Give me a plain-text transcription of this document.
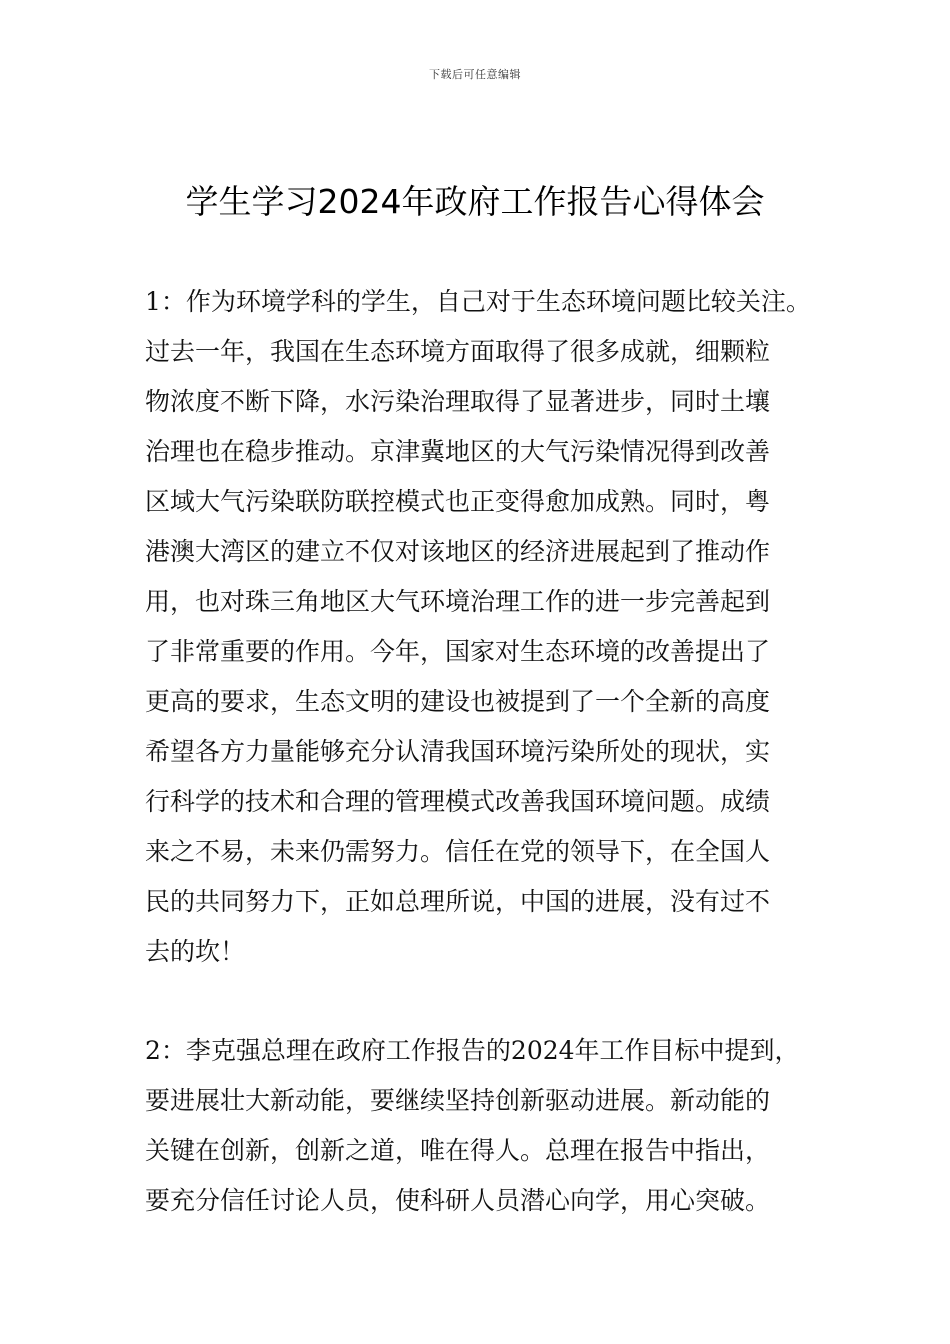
下载后可任意编辑
学生学习2024年政府工作报告心得体会
1：作为环境学科的学生，自己对于生态环境问题比较关注。
过去一年，我国在生态环境方面取得了很多成就，细颗粒
物浓度不断下降，水污染治理取得了显著进步，同时土壤
治理也在稳步推动。京津冀地区的大气污染情况得到改善
区域大气污染联防联控模式也正变得愈加成熟。同时，粤
港澳大湾区的建立不仅对该地区的经济进展起到了推动作
用，也对珠三角地区大气环境治理工作的进一步完善起到
了非常重要的作用。今年，国家对生态环境的改善提出了
更高的要求，生态文明的建设也被提到了一个全新的高度
希望各方力量能够充分认清我国环境污染所处的现状，实
行科学的技术和合理的管理模式改善我国环境问题。成绩
来之不易，未来仍需努力。信任在党的领导下，在全国人
民的共同努力下，正如总理所说，中国的进展，没有过不
去的坎！
2：李克强总理在政府工作报告的2024年工作目标中提到，
要进展壮大新动能，要继续坚持创新驱动进展。新动能的
关键在创新，创新之道，唯在得人。总理在报告中指出，
要充分信任讨论人员，使科研人员潜心向学，用心突破。
